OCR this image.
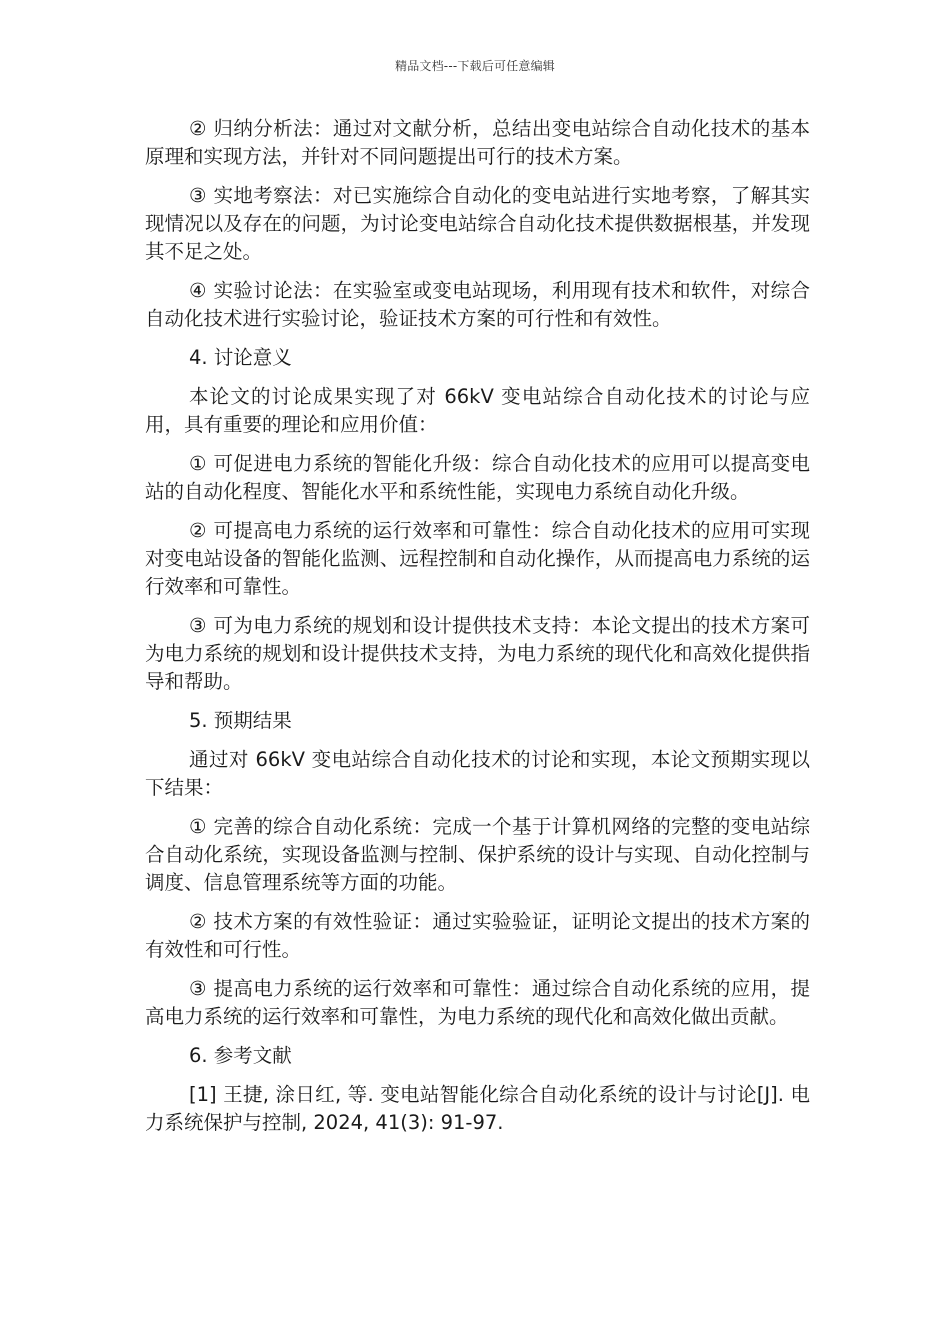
精品文档---下载后可任意编辑

② 归纳分析法：通过对文献分析，总结出变电站综合自动化技术的基本原理和实现方法，并针对不同问题提出可行的技术方案。

③ 实地考察法：对已实施综合自动化的变电站进行实地考察，了解其实现情况以及存在的问题，为讨论变电站综合自动化技术提供数据根基，并发现其不足之处。

④ 实验讨论法：在实验室或变电站现场，利用现有技术和软件，对综合自动化技术进行实验讨论，验证技术方案的可行性和有效性。

4. 讨论意义

本论文的讨论成果实现了对 66kV 变电站综合自动化技术的讨论与应用，具有重要的理论和应用价值：

① 可促进电力系统的智能化升级：综合自动化技术的应用可以提高变电站的自动化程度、智能化水平和系统性能，实现电力系统自动化升级。

② 可提高电力系统的运行效率和可靠性：综合自动化技术的应用可实现对变电站设备的智能化监测、远程控制和自动化操作，从而提高电力系统的运行效率和可靠性。

③ 可为电力系统的规划和设计提供技术支持：本论文提出的技术方案可为电力系统的规划和设计提供技术支持，为电力系统的现代化和高效化提供指导和帮助。

5. 预期结果

通过对 66kV 变电站综合自动化技术的讨论和实现，本论文预期实现以下结果：

① 完善的综合自动化系统：完成一个基于计算机网络的完整的变电站综合自动化系统，实现设备监测与控制、保护系统的设计与实现、自动化控制与调度、信息管理系统等方面的功能。

② 技术方案的有效性验证：通过实验验证，证明论文提出的技术方案的有效性和可行性。

③ 提高电力系统的运行效率和可靠性：通过综合自动化系统的应用，提高电力系统的运行效率和可靠性，为电力系统的现代化和高效化做出贡献。

6. 参考文献

[1] 王捷, 涂日红, 等. 变电站智能化综合自动化系统的设计与讨论[J]. 电力系统保护与控制, 2024, 41(3): 91-97.
